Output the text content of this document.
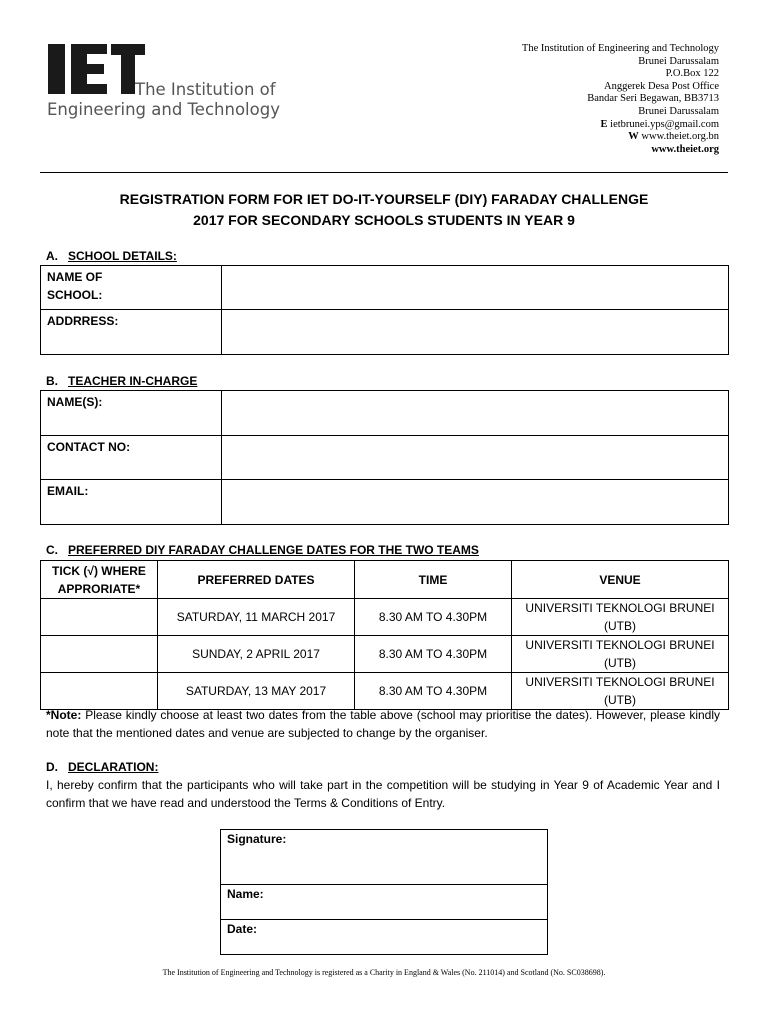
The Institution of
Engineering and Technology
The Institution of Engineering and Technology
Brunei Darussalam
P.O.Box 122
Anggerek Desa Post Office
Bandar Seri Begawan, BB3713
Brunei Darussalam
E ietbrunei.yps@gmail.com
W www.theiet.org.bn
www.theiet.org
REGISTRATION FORM FOR IET DO-IT-YOURSELF (DIY) FARADAY CHALLENGE
2017 FOR SECONDARY SCHOOLS STUDENTS IN YEAR 9
A. SCHOOL DETAILS:
NAME OF SCHOOL:	

ADDRRESS:	
B. TEACHER IN-CHARGE
NAME(S):	
CONTACT NO:	
EMAIL:	
C. PREFERRED DIY FARADAY CHALLENGE DATES FOR THE TWO TEAMS
TICK (√) WHERE APPRORIATE*	PREFERRED DATES	TIME	VENUE
	SATURDAY, 11 MARCH 2017	8.30 AM TO 4.30PM	UNIVERSITI TEKNOLOGI BRUNEI (UTB)
	SUNDAY, 2 APRIL 2017	8.30 AM TO 4.30PM	UNIVERSITI TEKNOLOGI BRUNEI (UTB)
	SATURDAY, 13 MAY 2017	8.30 AM TO 4.30PM	UNIVERSITI TEKNOLOGI BRUNEI (UTB)
*Note: Please kindly choose at least two dates from the table above (school may prioritise the dates). However, please kindly note that the mentioned dates and venue are subjected to change by the organiser.
D. DECLARATION:
I, hereby confirm that the participants who will take part in the competition will be studying in Year 9 of Academic Year and I confirm that we have read and understood the Terms & Conditions of Entry.
Signature:
Name:
Date:
The Institution of Engineering and Technology is registered as a Charity in England & Wales (No. 211014) and Scotland (No. SC038698).
